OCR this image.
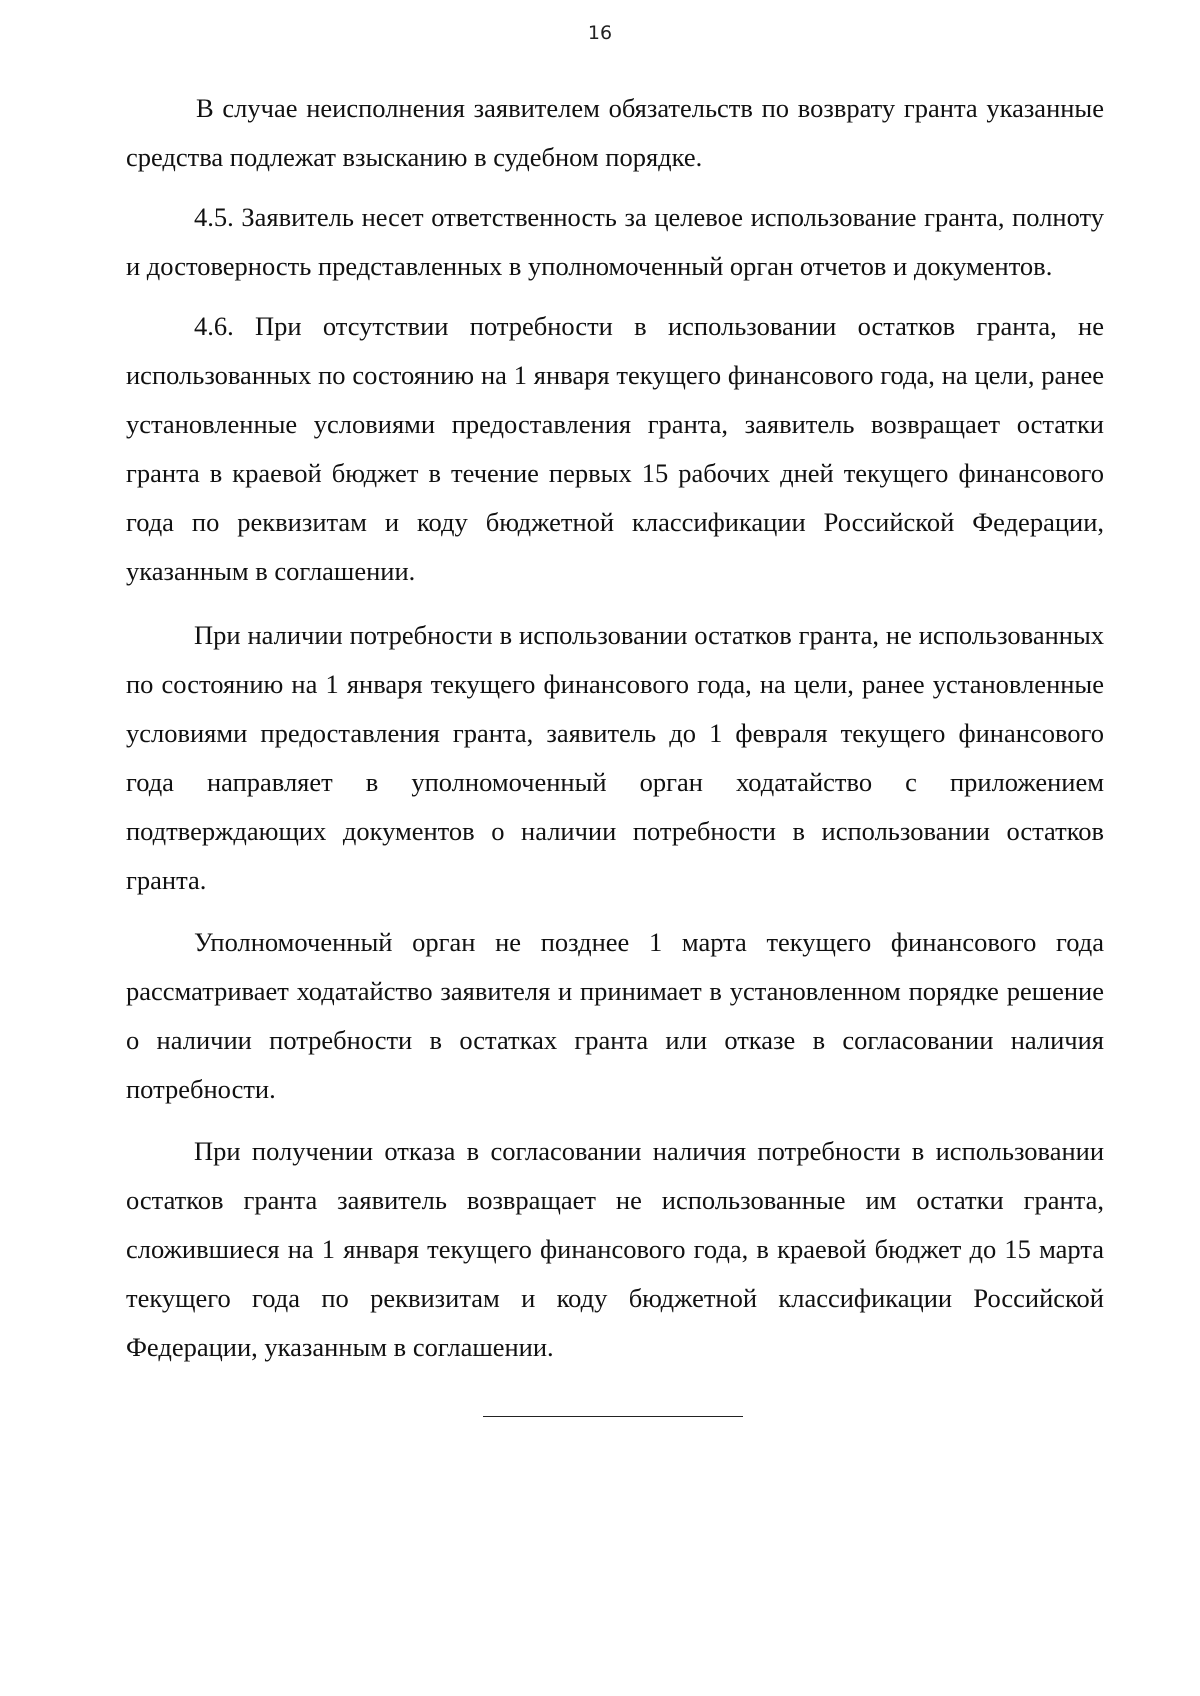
16

В случае неисполнения заявителем обязательств по возврату гранта указанные средства подлежат взысканию в судебном порядке.

4.5. Заявитель несет ответственность за целевое использование гранта, полноту и достоверность представленных в уполномоченный орган отчетов и документов.

4.6. При отсутствии потребности в использовании остатков гранта, не использованных по состоянию на 1 января текущего финансового года, на цели, ранее установленные условиями предоставления гранта, заявитель возвращает остатки гранта в краевой бюджет в течение первых 15 рабочих дней текущего финансового года по реквизитам и коду бюджетной классификации Российской Федерации, указанным в соглашении.

При наличии потребности в использовании остатков гранта, не использованных по состоянию на 1 января текущего финансового года, на цели, ранее установленные условиями предоставления гранта, заявитель до 1 февраля текущего финансового года направляет в уполномоченный орган ходатайство с приложением подтверждающих документов о наличии потребности в использовании остатков гранта.

Уполномоченный орган не позднее 1 марта текущего финансового года рассматривает ходатайство заявителя и принимает в установленном порядке решение о наличии потребности в остатках гранта или отказе в согласовании наличия потребности.

При получении отказа в согласовании наличия потребности в использовании остатков гранта заявитель возвращает не использованные им остатки гранта, сложившиеся на 1 января текущего финансового года, в краевой бюджет до 15 марта текущего года по реквизитам и коду бюджетной классификации Российской Федерации, указанным в соглашении.
